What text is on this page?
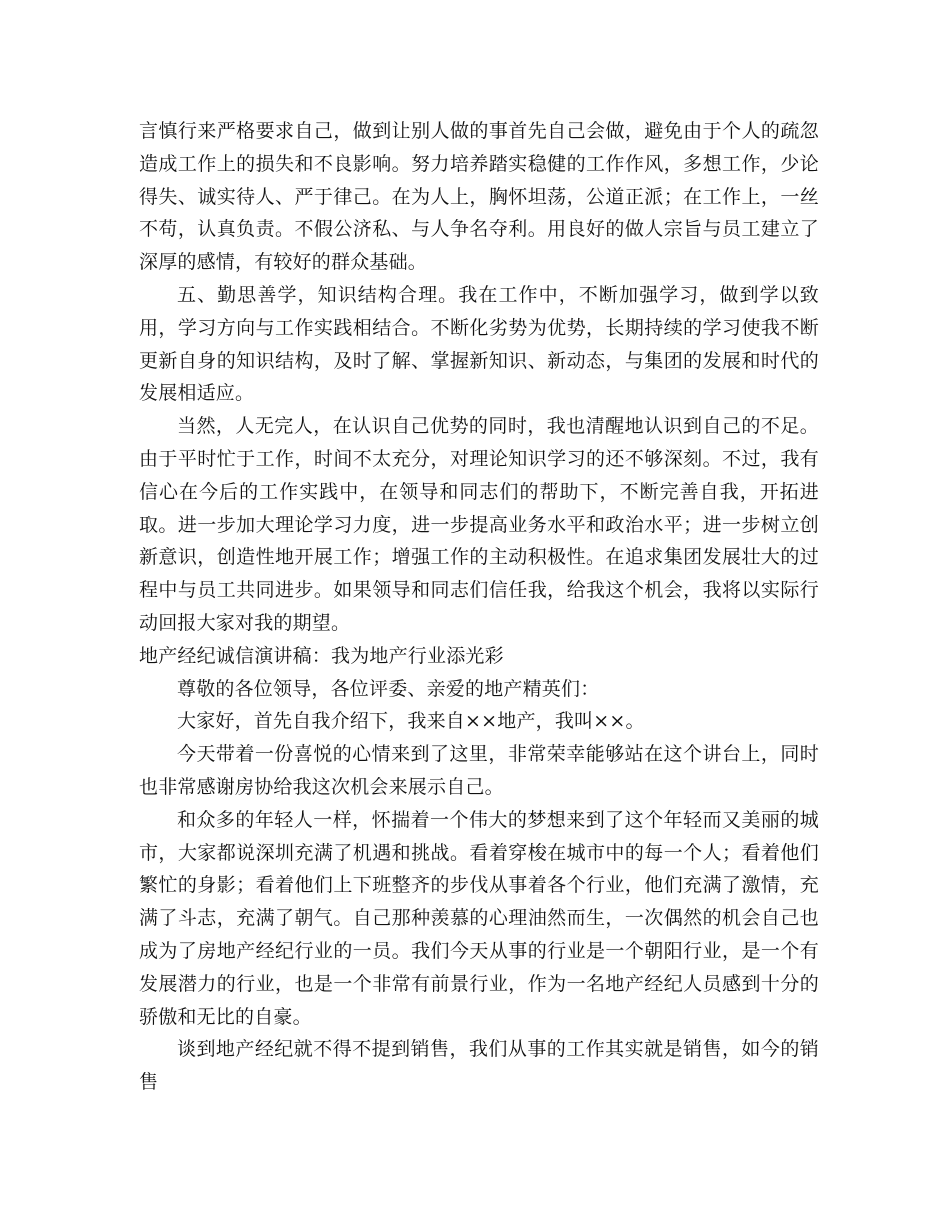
言慎行来严格要求自己，做到让别人做的事首先自己会做，避免由于个人的疏忽造成工作上的损失和不良影响。努力培养踏实稳健的工作作风，多想工作，少论得失、诚实待人、严于律己。在为人上，胸怀坦荡，公道正派；在工作上，一丝不苟，认真负责。不假公济私、与人争名夺利。用良好的做人宗旨与员工建立了深厚的感情，有较好的群众基础。

五、勤思善学，知识结构合理。我在工作中，不断加强学习，做到学以致用，学习方向与工作实践相结合。不断化劣势为优势，长期持续的学习使我不断更新自身的知识结构，及时了解、掌握新知识、新动态，与集团的发展和时代的发展相适应。

当然，人无完人，在认识自己优势的同时，我也清醒地认识到自己的不足。由于平时忙于工作，时间不太充分，对理论知识学习的还不够深刻。不过，我有信心在今后的工作实践中，在领导和同志们的帮助下，不断完善自我，开拓进取。进一步加大理论学习力度，进一步提高业务水平和政治水平；进一步树立创新意识，创造性地开展工作；增强工作的主动积极性。在追求集团发展壮大的过程中与员工共同进步。如果领导和同志们信任我，给我这个机会，我将以实际行动回报大家对我的期望。

地产经纪诚信演讲稿：我为地产行业添光彩

尊敬的各位领导，各位评委、亲爱的地产精英们：

大家好，首先自我介绍下，我来自××地产，我叫××。

今天带着一份喜悦的心情来到了这里，非常荣幸能够站在这个讲台上，同时也非常感谢房协给我这次机会来展示自己。

和众多的年轻人一样，怀揣着一个伟大的梦想来到了这个年轻而又美丽的城市，大家都说深圳充满了机遇和挑战。看着穿梭在城市中的每一个人；看着他们繁忙的身影；看着他们上下班整齐的步伐从事着各个行业，他们充满了激情，充满了斗志，充满了朝气。自己那种羡慕的心理油然而生，一次偶然的机会自己也成为了房地产经纪行业的一员。我们今天从事的行业是一个朝阳行业，是一个有发展潜力的行业，也是一个非常有前景行业，作为一名地产经纪人员感到十分的骄傲和无比的自豪。

谈到地产经纪就不得不提到销售，我们从事的工作其实就是销售，如今的销售
